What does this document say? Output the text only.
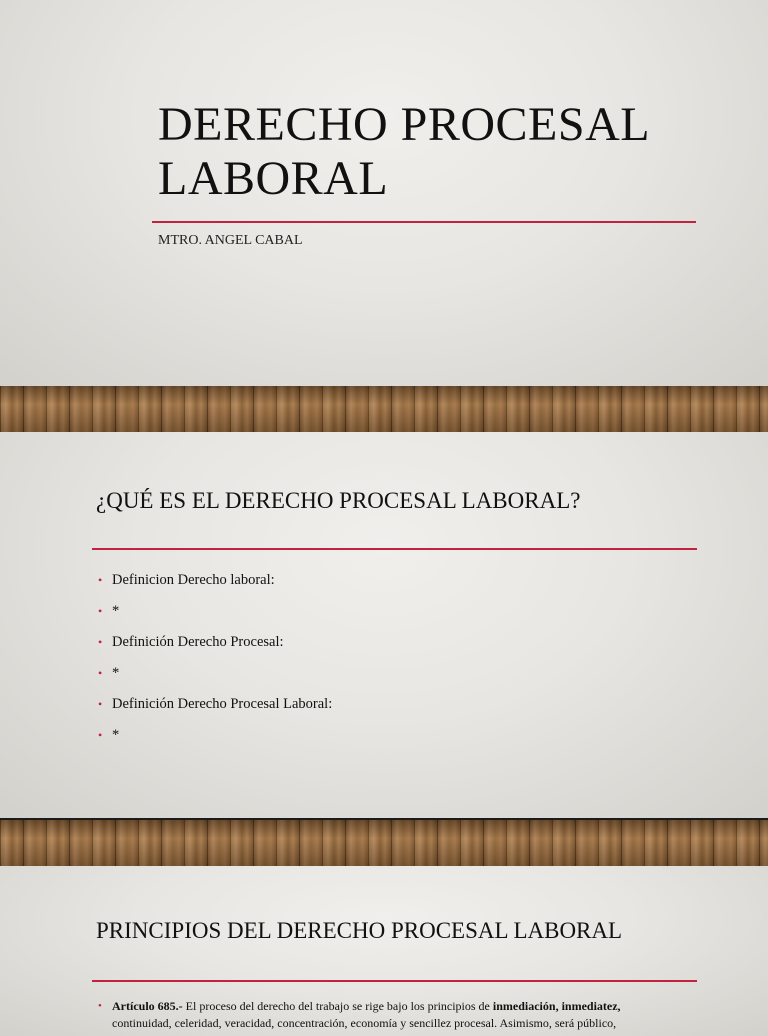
DERECHO PROCESAL
LABORAL
MTRO. ANGEL CABAL
¿QUÉ ES EL DERECHO PROCESAL LABORAL?
• Definicion Derecho laboral:
• *
• Definición Derecho Procesal:
• *
• Definición Derecho Procesal Laboral:
• *
PRINCIPIOS DEL DERECHO PROCESAL LABORAL
• Artículo 685.- El proceso del derecho del trabajo se rige bajo los principios de inmediación, inmediatez,
continuidad, celeridad, veracidad, concentración, economía y sencillez procesal. Asimismo, será público,
